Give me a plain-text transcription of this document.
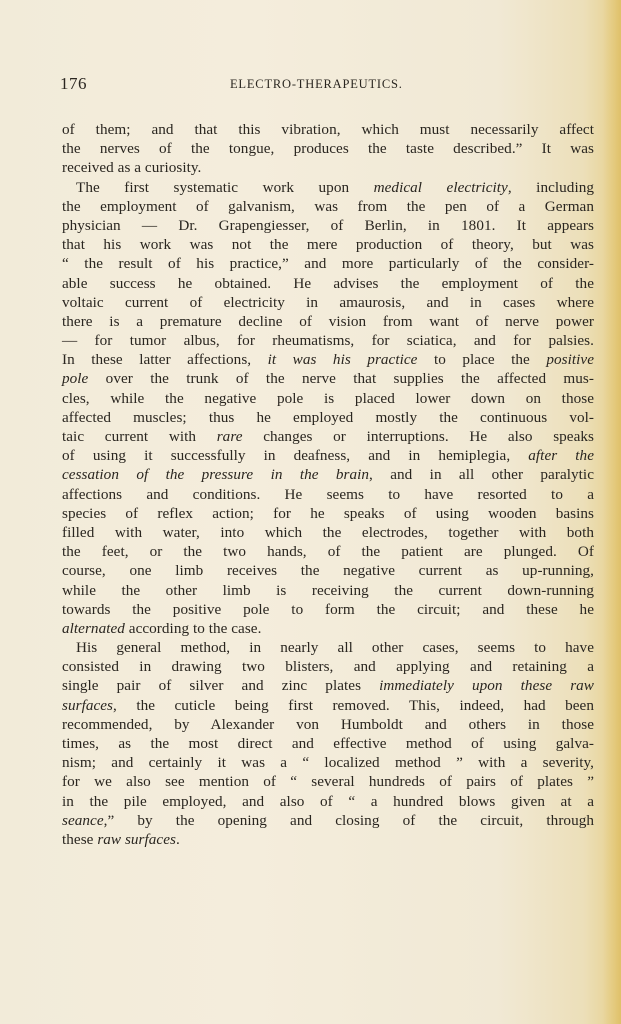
176	ELECTRO-THERAPEUTICS.
of them; and that this vibration, which must necessarily affect
the nerves of the tongue, produces the taste described.” It was
received as a curiosity.
The first systematic work upon medical electricity, including
the employment of galvanism, was from the pen of a German
physician — Dr. Grapengiesser, of Berlin, in 1801. It appears
that his work was not the mere production of theory, but was
“ the result of his practice,” and more particularly of the consider-
able success he obtained. He advises the employment of the
voltaic current of electricity in amaurosis, and in cases where
there is a premature decline of vision from want of nerve power
— for tumor albus, for rheumatisms, for sciatica, and for palsies.
In these latter affections, it was his practice to place the positive
pole over the trunk of the nerve that supplies the affected mus-
cles, while the negative pole is placed lower down on those
affected muscles; thus he employed mostly the continuous vol-
taic current with rare changes or interruptions. He also speaks
of using it successfully in deafness, and in hemiplegia, after the
cessation of the pressure in the brain, and in all other paralytic
affections and conditions. He seems to have resorted to a
species of reflex action; for he speaks of using wooden basins
filled with water, into which the electrodes, together with both
the feet, or the two hands, of the patient are plunged. Of
course, one limb receives the negative current as up-running,
while the other limb is receiving the current down-running
towards the positive pole to form the circuit; and these he
alternated according to the case.
His general method, in nearly all other cases, seems to have
consisted in drawing two blisters, and applying and retaining a
single pair of silver and zinc plates immediately upon these raw
surfaces, the cuticle being first removed. This, indeed, had been
recommended, by Alexander von Humboldt and others in those
times, as the most direct and effective method of using galva-
nism; and certainly it was a “ localized method ” with a severity,
for we also see mention of “ several hundreds of pairs of plates ”
in the pile employed, and also of “ a hundred blows given at a
seance,” by the opening and closing of the circuit, through
these raw surfaces.
